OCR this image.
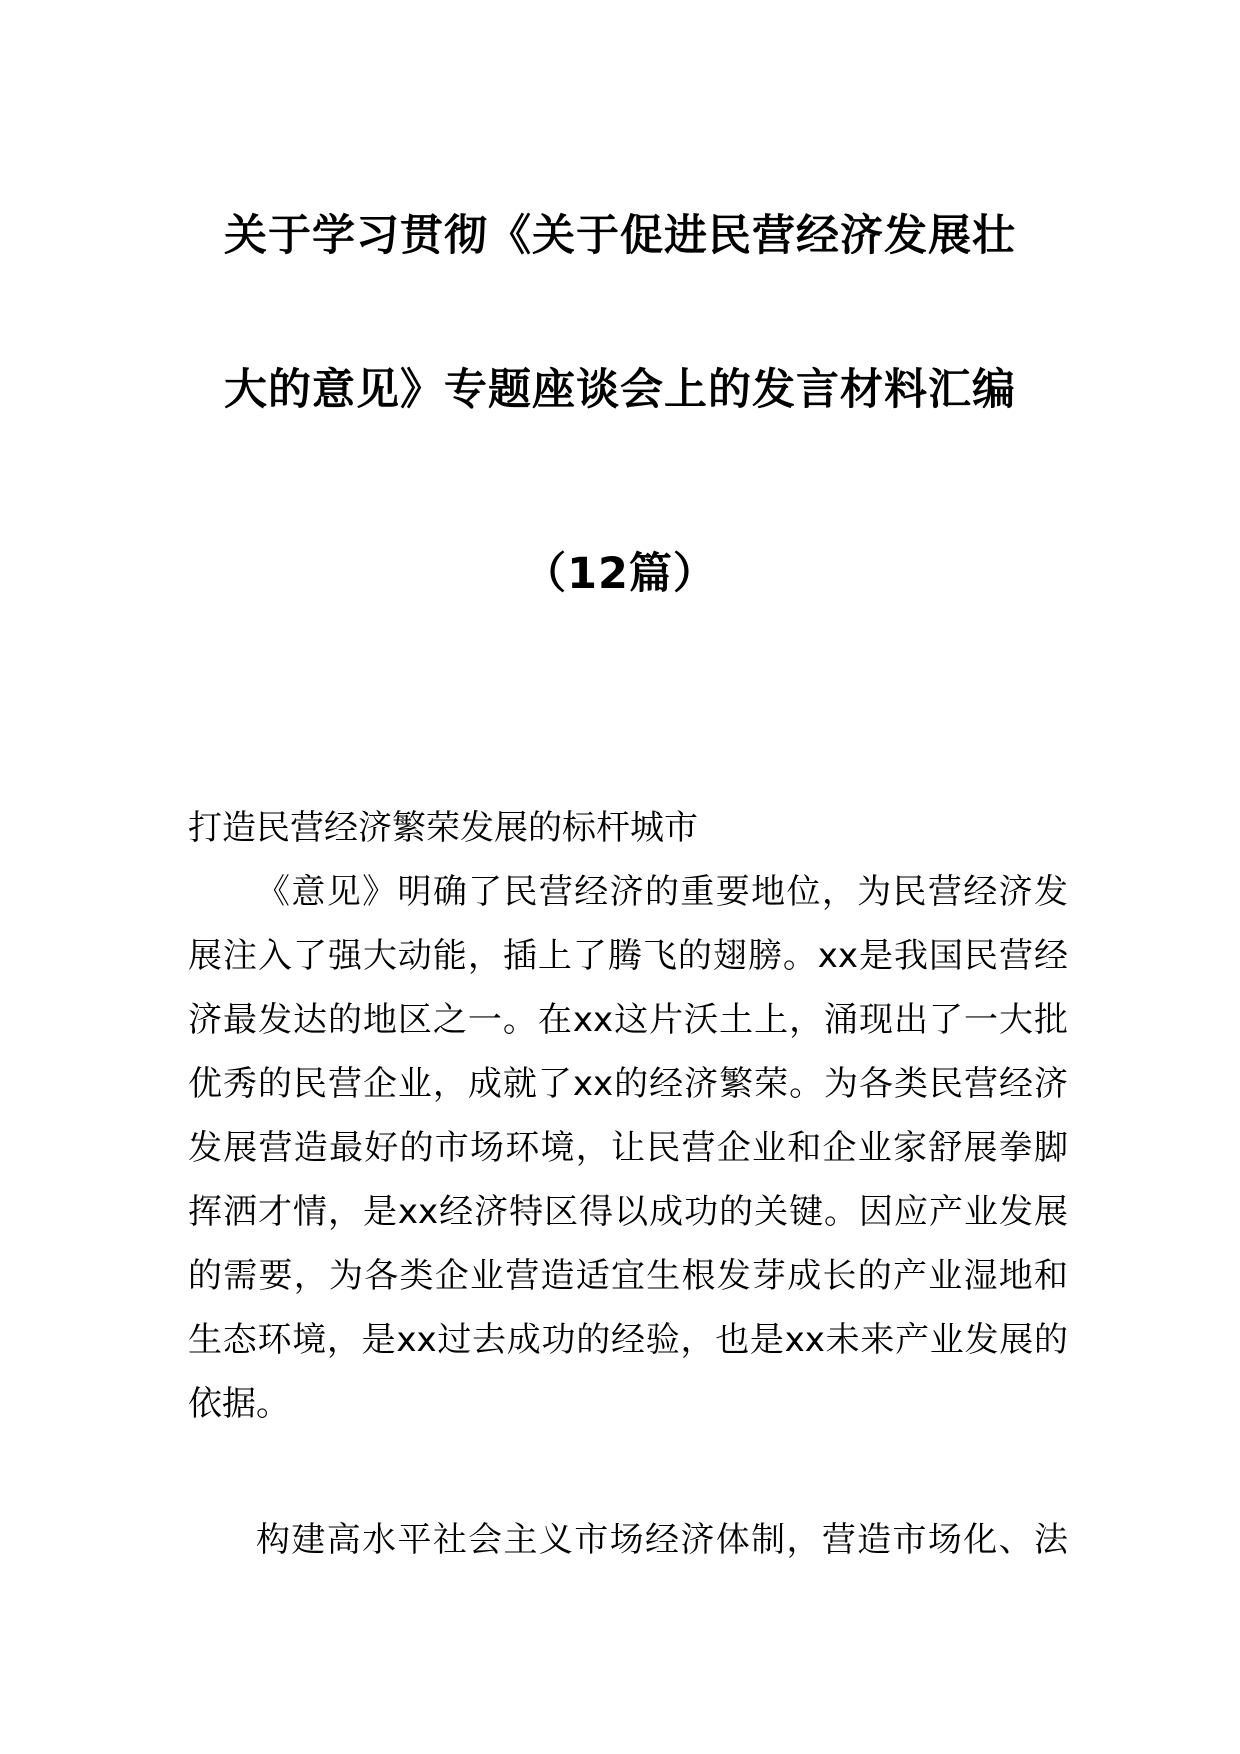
关于学习贯彻《关于促进民营经济发展壮
大的意见》专题座谈会上的发言材料汇编
（12篇）
打造民营经济繁荣发展的标杆城市
《意见》明确了民营经济的重要地位，为民营经济发
展注入了强大动能，插上了腾飞的翅膀。xx是我国民营经
济最发达的地区之一。在xx这片沃土上，涌现出了一大批
优秀的民营企业，成就了xx的经济繁荣。为各类民营经济
发展营造最好的市场环境，让民营企业和企业家舒展拳脚
挥洒才情，是xx经济特区得以成功的关键。因应产业发展
的需要，为各类企业营造适宜生根发芽成长的产业湿地和
生态环境，是xx过去成功的经验，也是xx未来产业发展的
依据。
构建高水平社会主义市场经济体制，营造市场化、法
